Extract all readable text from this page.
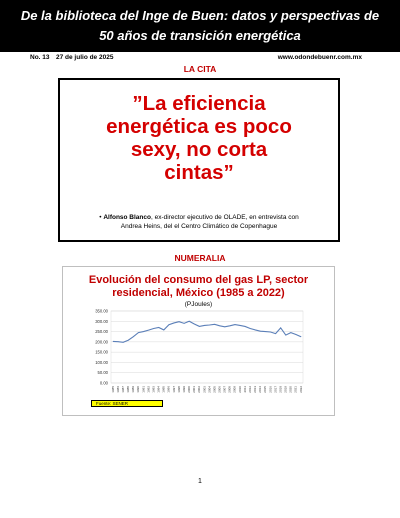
De la biblioteca del Inge de Buen: datos y perspectivas de
50 años de transición energética
No. 13 27 de julio de 2025	www.odondebuenr.com.mx
LA CITA
”La eficiencia
energética es poco
sexy, no corta
cintas”
• Alfonso Blanco, ex-director ejecutivo de OLADE, en entrevista con
Andrea Heins, del el Centro Climático de Copenhague
NUMERALIA
Evolución del consumo del gas LP, sector
residencial, México (1985 a 2022)
(PJoules)
350.00
300.00
250.00
200.00
150.00
100.00
50.00
0.00
1985 1986 1987 1988 1989 1990 1991 1992 1993 1994 1995 1996 1997 1998 1999 2000 2001 2002 2003 2004 2005 2006 2007 2008 2009 2010 2011 2012 2013 2014 2015 2016 2017 2018 2019 2020 2021 2022
Fuente: SENER
1
